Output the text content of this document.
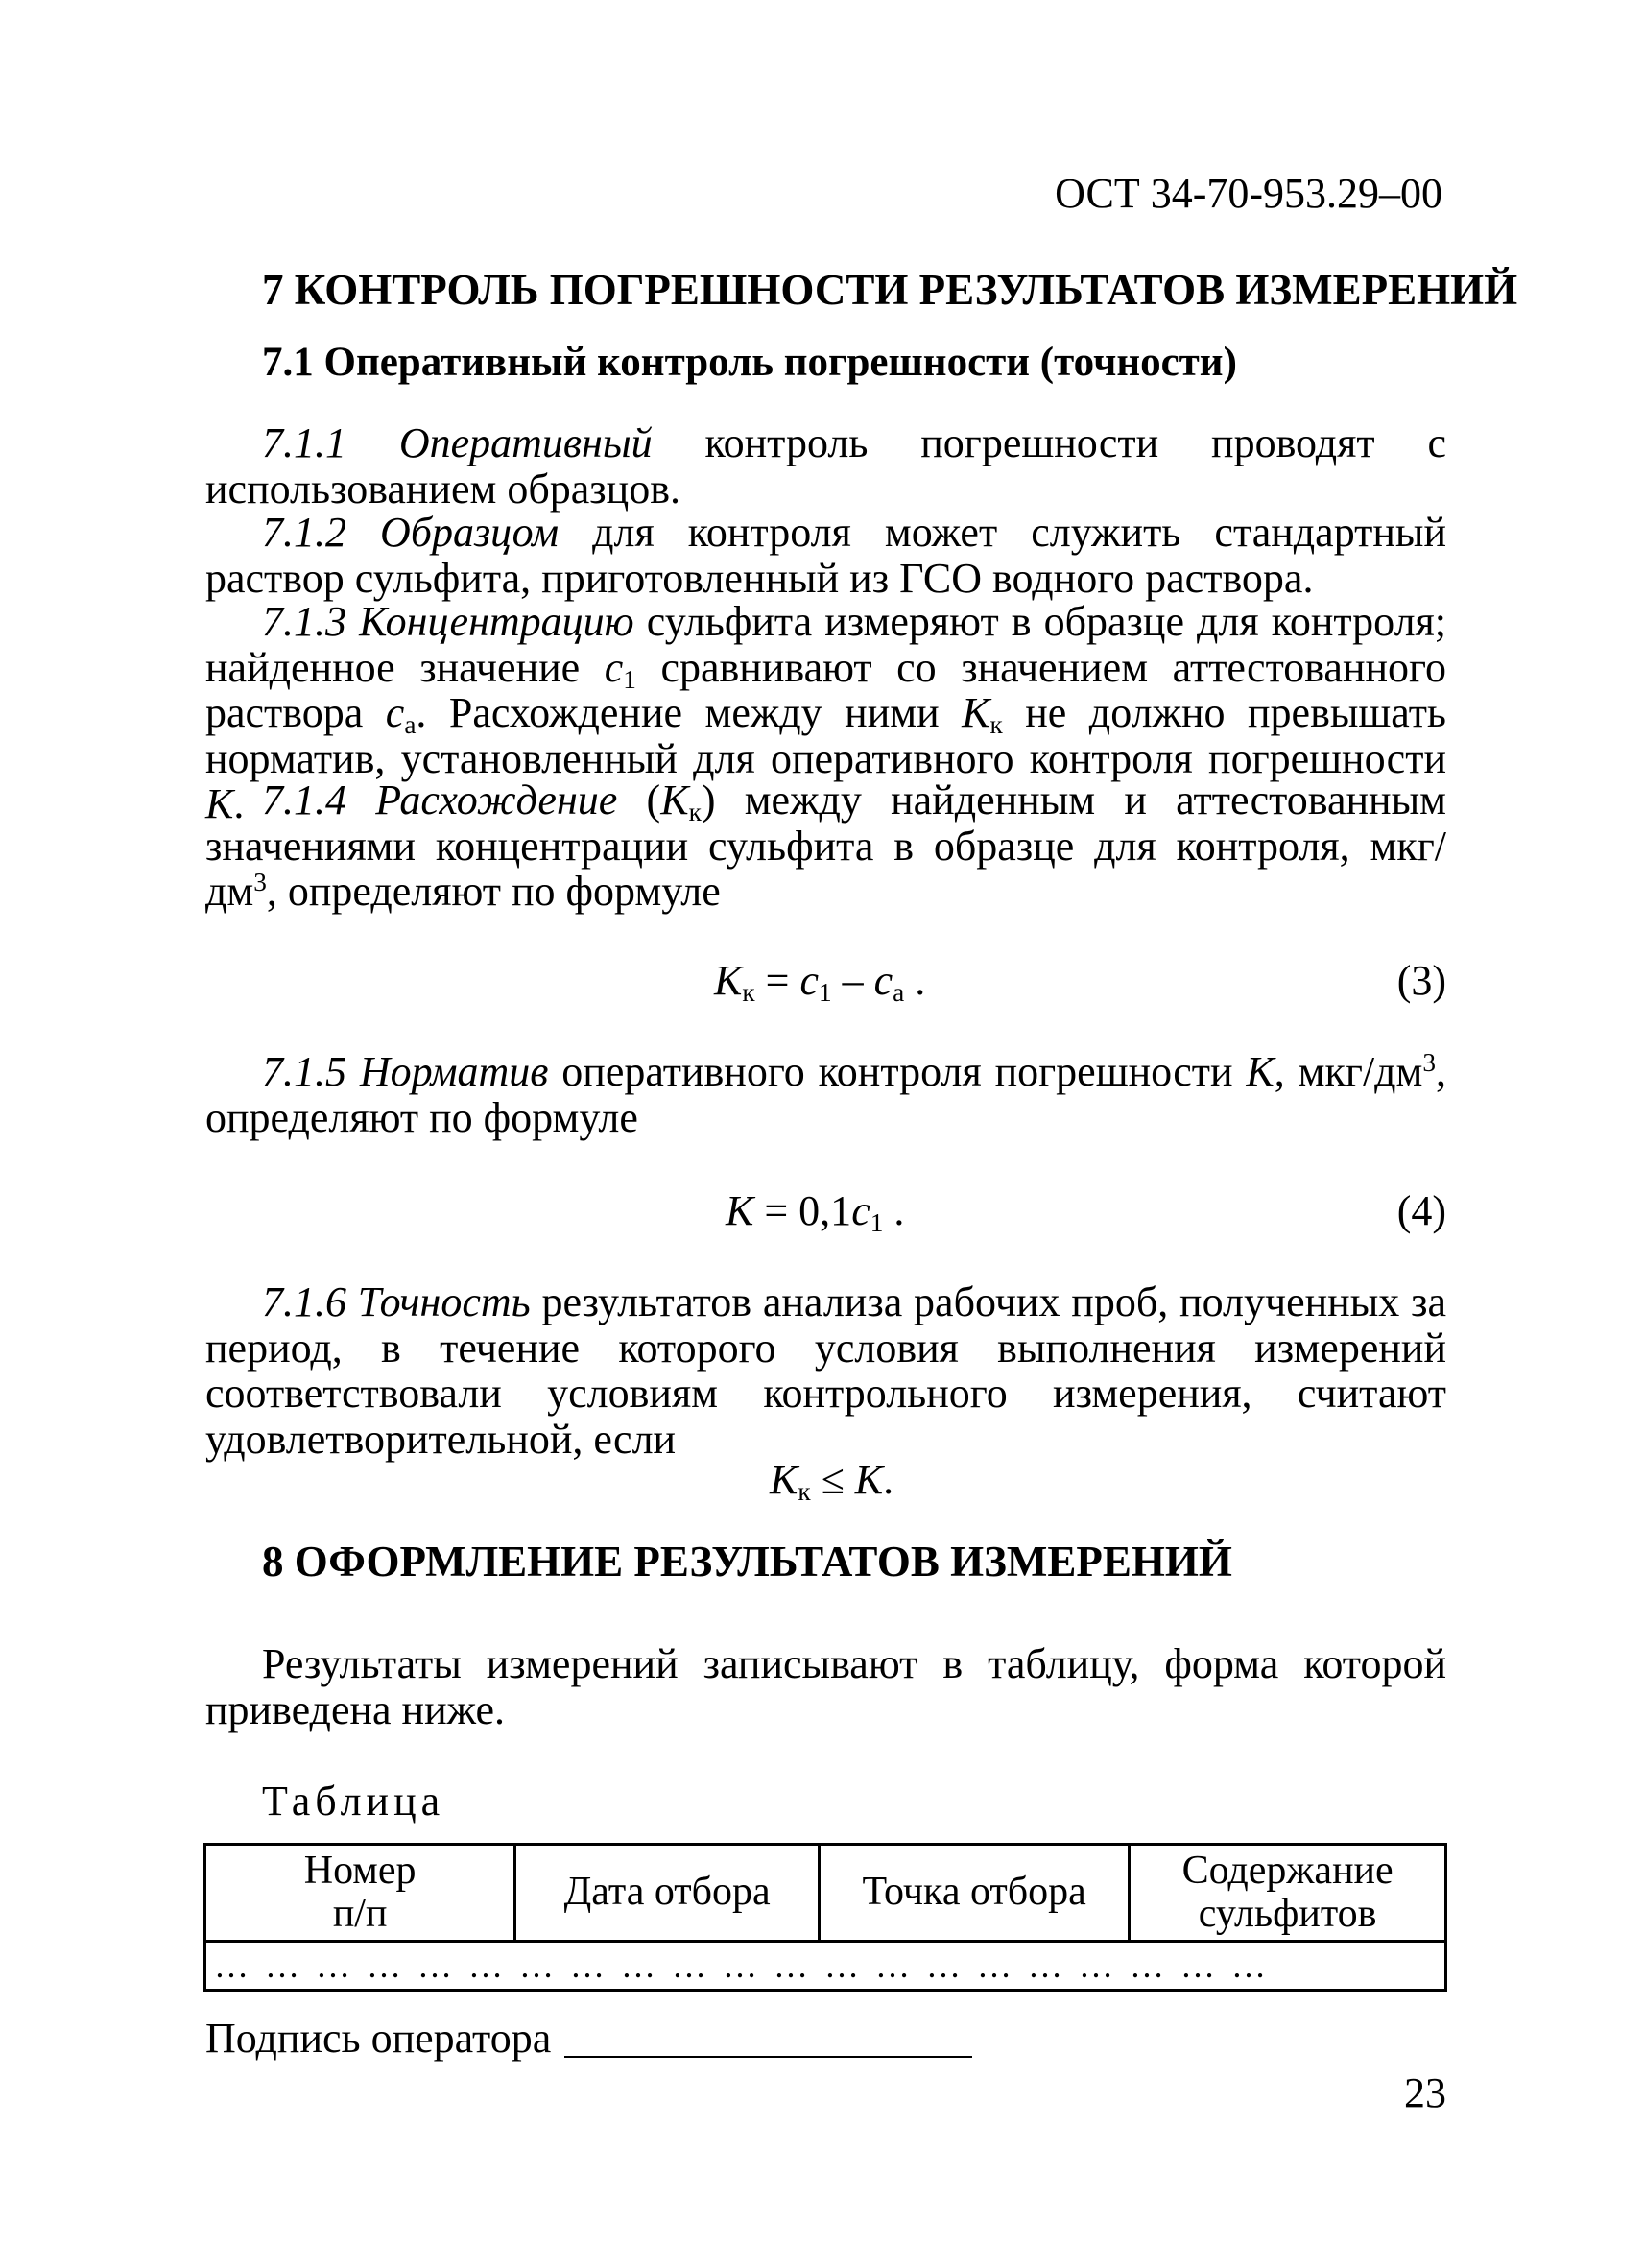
ОСТ 34-70-953.29–00
7 КОНТРОЛЬ ПОГРЕШНОСТИ РЕЗУЛЬТАТОВ ИЗМЕРЕНИЙ
7.1 Оперативный контроль погрешности (точности)

7.1.1 Оперативный контроль погрешности проводят с использованием образцов.

7.1.2 Образцом для контроля может служить стандартный раствор сульфита, приготовленный из ГСО водного раствора.

7.1.3 Концентрацию сульфита измеряют в образце для контроля; найденное значение $c_1$ сравнивают со значением аттестованного раствора $c_а$. Расхождение между ними $K_к$ не должно превышать норматив, установленный для оперативного контроля погрешности K. 7.1.4 Расхождение $(K_к)$ между найденным и аттестованным значениями концентрации сульфита в образце для контроля, мкг/$дм^3$, определяют по формуле

$K_к = c_1 - c_а$ .	(3)

7.1.5 Норматив оперативного контроля погрешности K, мкг/$дм^3$, определяют по формуле

$K = 0,1c_1$ .	(4)

7.1.6 Точность результатов анализа рабочих проб, полученных за период, в течение которого условия выполнения измерений соответствовали условиям контрольного измерения, считают удовлетворительной, если

$K_к \le K$.
8 ОФОРМЛЕНИЕ РЕЗУЛЬТАТОВ ИЗМЕРЕНИЙ

Результаты измерений записывают в таблицу, форма которой приведена ниже.

Таблица
Номер
п/п	Дата отбора	Точка отбора	Содержание
сульфитов
… … … … … … … … … … … … … … … … … … … … …
Подпись оператора
23
